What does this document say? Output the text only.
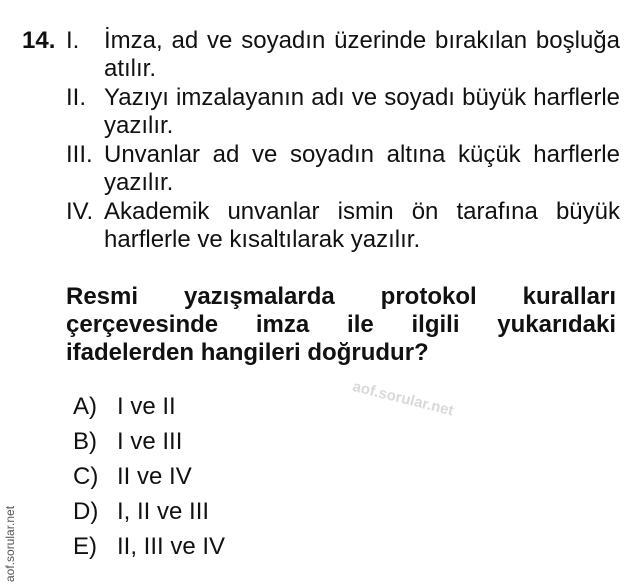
14. I. İmza, ad ve soyadın üzerinde bırakılan boşluğa atılır.
II. Yazıyı imzalayanın adı ve soyadı büyük harflerle yazılır.
III. Unvanlar ad ve soyadın altına küçük harflerle yazılır.
IV. Akademik unvanlar ismin ön tarafına büyük harflerle ve kısaltılarak yazılır.
Resmi yazışmalarda protokol kuralları çerçevesinde imza ile ilgili yukarıdaki ifadelerden hangileri doğrudur?
A) I ve II
B) I ve III
C) II ve IV
D) I, II ve III
E) II, III ve IV
aof.sorular.net
aof.sorular.net
